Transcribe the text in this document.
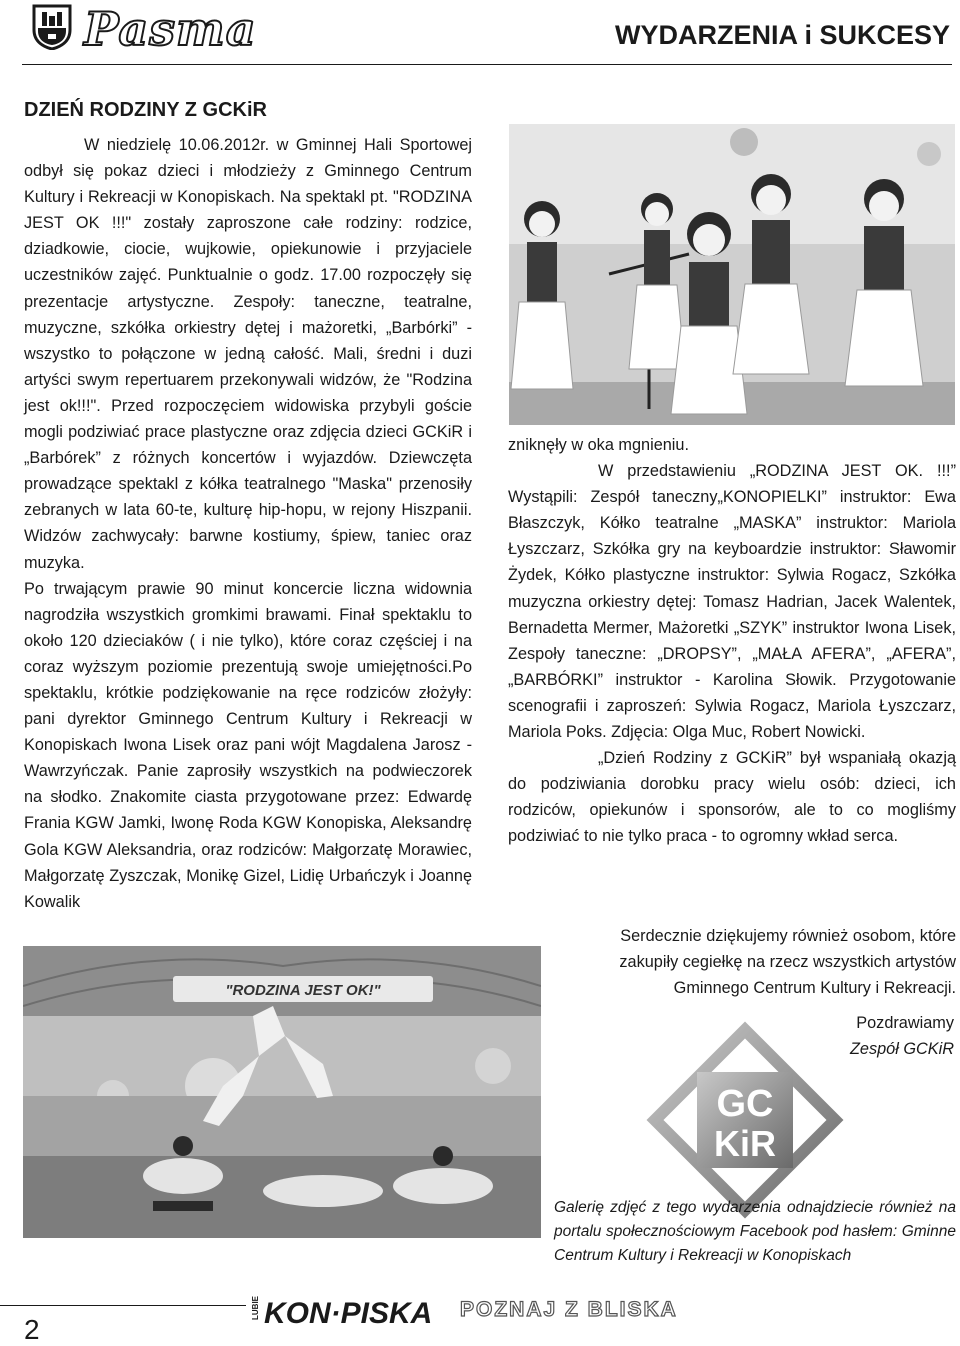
Pasma	WYDARZENIA i SUKCESY
DZIEŃ RODZINY Z GCKiR

W niedzielę 10.06.2012r. w Gminnej Hali Sportowej odbył się pokaz dzieci i młodzieży z Gminnego Centrum Kultury i Rekreacji w Konopiskach. Na spektakl pt. "RODZINA JEST OK !!!" zostały zaproszone całe rodziny: rodzice, dziadkowie, ciocie, wujkowie, opiekunowie i przyjaciele uczestników zajęć. Punktualnie o godz. 17.00 rozpoczęły się prezentacje artystyczne. Zespoły: taneczne, teatralne, muzyczne, szkółka orkiestry dętej i mażoretki, „Barbórki” - wszystko to połączone w jedną całość. Mali, średni i duzi artyści swym repertuarem przekonywali widzów, że "Rodzina jest ok!!!". Przed rozpoczęciem widowiska przybyli goście mogli podziwiać prace plastyczne oraz zdjęcia dzieci GCKiR i „Barbórek” z różnych koncertów i wyjazdów. Dziewczęta prowadzące spektakl z kółka teatralnego "Maska" przenosiły zebranych w lata 60-te, kulturę hip-hopu, w rejony Hiszpanii. Widzów zachwycały: barwne kostiumy, śpiew, taniec oraz muzyka.

Po trwającym prawie 90 minut koncercie liczna widownia nagrodziła wszystkich gromkimi brawami. Finał spektaklu to około 120 dzieciaków ( i nie tylko), które coraz częściej i na coraz wyższym poziomie prezentują swoje umiejętności.Po spektaklu, krótkie podziękowanie na ręce rodziców złożyły: pani dyrektor Gminnego Centrum Kultury i Rekreacji w Konopiskach Iwona Lisek oraz pani wójt Magdalena Jarosz - Wawrzyńczak. Panie zaprosiły wszystkich na podwieczorek na słodko. Znakomite ciasta przygotowane przez: Edwardę Frania KGW Jamki, Iwonę Roda KGW Konopiska, Aleksandrę Gola KGW Aleksandria, oraz rodziców: Małgorzatę Morawiec, Małgorzatę Zyszczak, Monikę Gizel, Lidię Urbańczyk i Joannę Kowalik

zniknęły w oka mgnieniu.

W przedstawieniu „RODZINA JEST OK. !!!” Wystąpili: Zespół taneczny„KONOPIELKI” instruktor: Ewa Błaszczyk, Kółko teatralne „MASKA” instruktor: Mariola Łyszczarz, Szkółka gry na keyboardzie instruktor: Sławomir Żydek, Kółko plastyczne instruktor: Sylwia Rogacz, Szkółka muzyczna orkiestry dętej: Tomasz Hadrian, Jacek Walentek, Bernadetta Mermer, Mażoretki „SZYK” instruktor Iwona Lisek, Zespoły taneczne: „DROPSY”, „MAŁA AFERA”, „AFERA”, „BARBÓRKI” instruktor - Karolina Słowik. Przygotowanie scenografii i zaproszeń: Sylwia Rogacz, Mariola Łyszczarz, Mariola Poks. Zdjęcia: Olga Muc, Robert Nowicki.

„Dzień Rodziny z GCKiR” był wspaniałą okazją do podziwiania dorobku pracy wielu osób: dzieci, ich rodziców, opiekunów i sponsorów, ale to co mogliśmy podziwiać to nie tylko praca - to ogromny wkład serca.

"RODZINA JEST OK!"
Serdecznie dziękujemy również osobom, które zakupiły cegiełkę na rzecz wszystkich artystów Gminnego Centrum Kultury i Rekreacji.
Pozdrawiamy
Zespół GCKiR
GC
KiR
Galerię zdjęć z tego wydarzenia odnajdziecie również na portalu społecznościowym Facebook pod hasłem: Gminne Centrum Kultury i Rekreacji w Konopiskach
2
LUBIE KON·PISKA POZNAJ Z BLISKA
